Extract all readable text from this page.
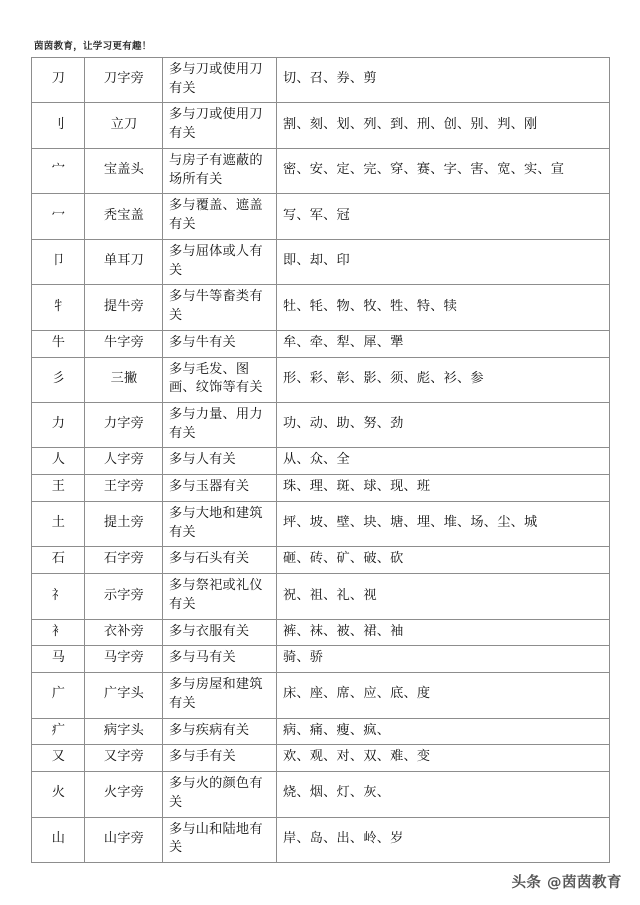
茵茵教育，让学习更有趣！
刀	刀字旁	多与刀或使用刀有关	切、召、券、剪
刂	立刀	多与刀或使用刀有关	割、刻、划、列、到、刑、创、别、判、刚
宀	宝盖头	与房子有遮蔽的场所有关	密、安、定、完、穿、赛、字、害、宽、实、宣
冖	秃宝盖	多与覆盖、遮盖有关	写、军、冠
卩	单耳刀	多与屈体或人有关	即、却、印
牜	提牛旁	多与牛等畜类有关	牡、牦、物、牧、牲、特、犊
牛	牛字旁	多与牛有关	牟、牵、犁、犀、犟
彡	三撇	多与毛发、图画、纹饰等有关	形、彩、彰、影、须、彪、衫、参
力	力字旁	多与力量、用力有关	功、动、助、努、劲
人	人字旁	多与人有关	从、众、全
王	王字旁	多与玉器有关	珠、理、斑、球、现、班
土	提土旁	多与大地和建筑有关	坪、坡、壁、块、塘、埋、堆、场、尘、城
石	石字旁	多与石头有关	砸、砖、矿、破、砍
礻	示字旁	多与祭祀或礼仪有关	祝、祖、礼、视
衤	衣补旁	多与衣服有关	裤、袜、被、裙、袖
马	马字旁	多与马有关	骑、骄
广	广字头	多与房屋和建筑有关	床、座、席、应、底、度
疒	病字头	多与疾病有关	病、痛、瘦、疯、
又	又字旁	多与手有关	欢、观、对、双、难、变
火	火字旁	多与火的颜色有关	烧、烟、灯、灰、
山	山字旁	多与山和陆地有关	岸、岛、出、岭、岁
头条 @茵茵教育
